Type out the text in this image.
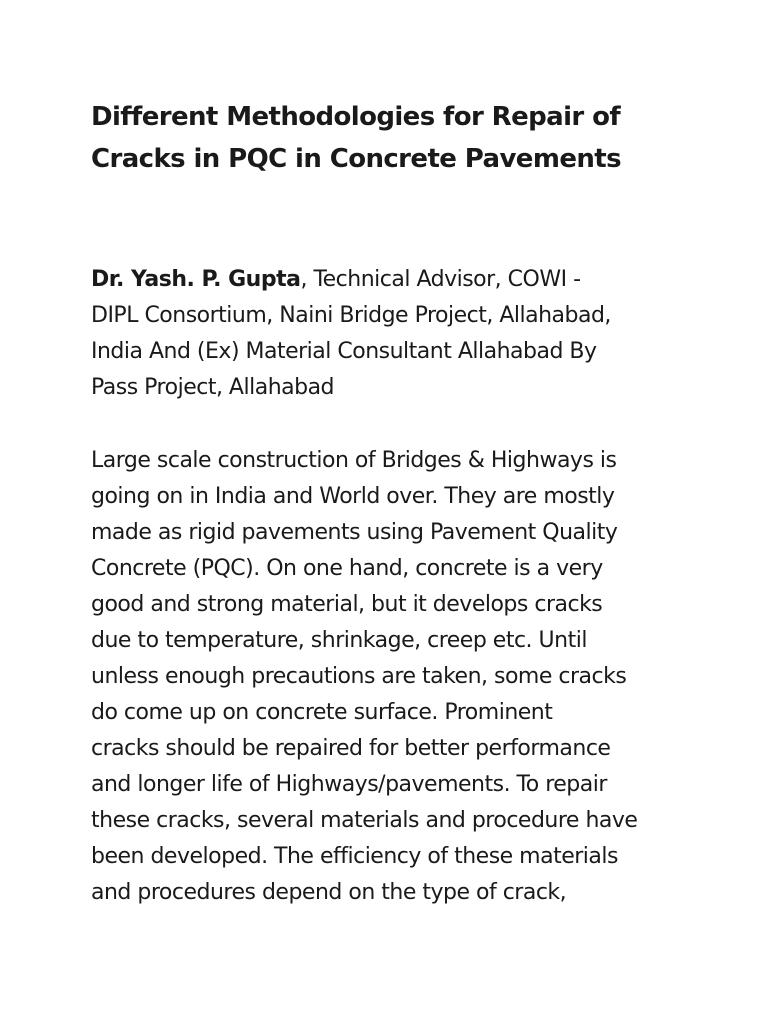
Different Methodologies for Repair of
Cracks in PQC in Concrete Pavements

Dr. Yash. P. Gupta, Technical Advisor, COWI -
DIPL Consortium, Naini Bridge Project, Allahabad,
India And (Ex) Material Consultant Allahabad By
Pass Project, Allahabad

Large scale construction of Bridges & Highways is
going on in India and World over. They are mostly
made as rigid pavements using Pavement Quality
Concrete (PQC). On one hand, concrete is a very
good and strong material, but it develops cracks
due to temperature, shrinkage, creep etc. Until
unless enough precautions are taken, some cracks
do come up on concrete surface. Prominent
cracks should be repaired for better performance
and longer life of Highways/pavements. To repair
these cracks, several materials and procedure have
been developed. The efficiency of these materials
and procedures depend on the type of crack,
